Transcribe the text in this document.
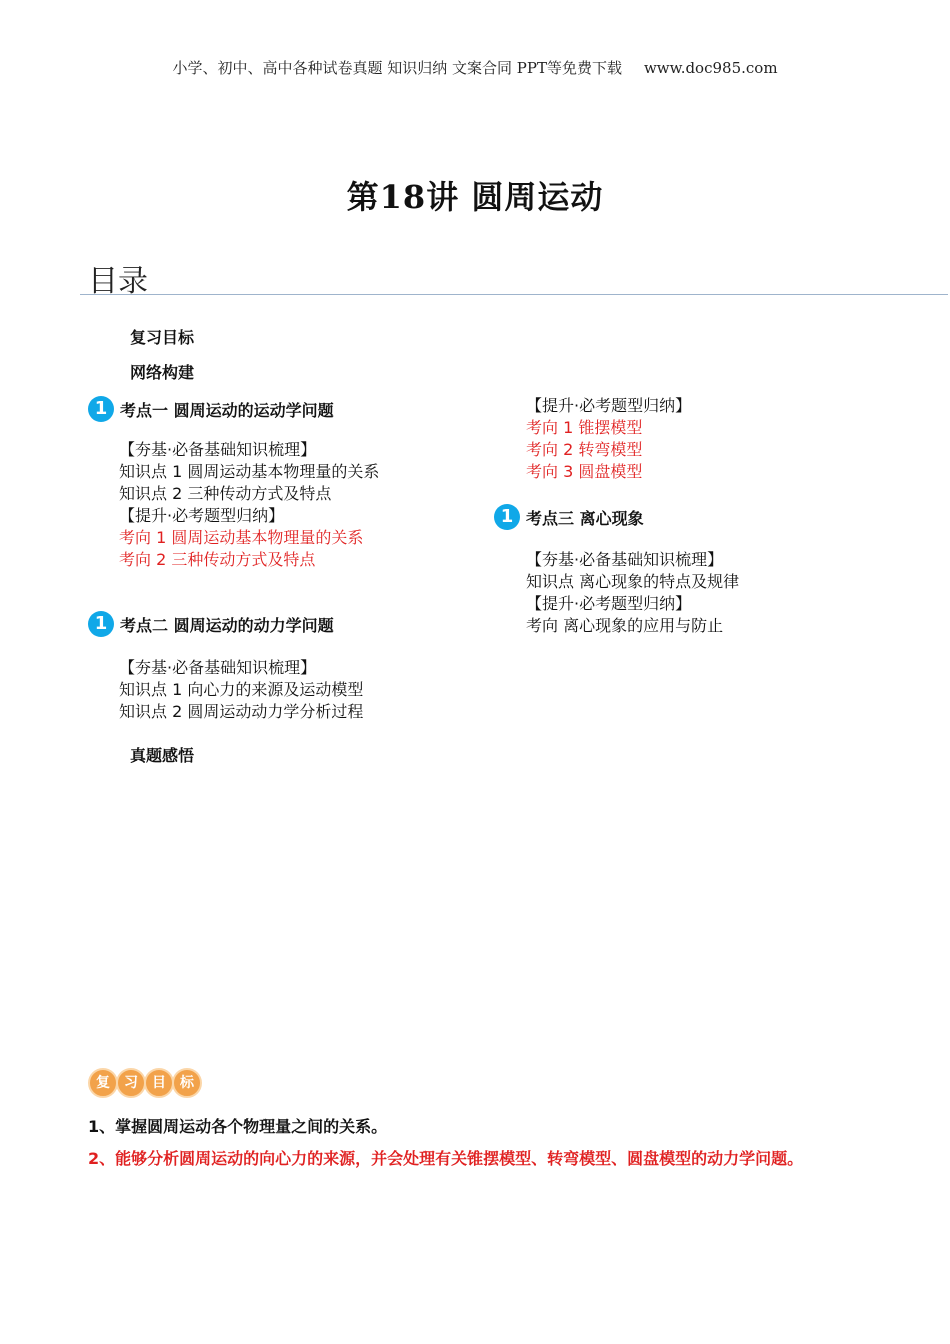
小学、初中、高中各种试卷真题 知识归纳 文案合同 PPT等免费下载 www.doc985.com
第18讲 圆周运动
目录
复习目标
网络构建
1 考点一 圆周运动的运动学问题
【夯基·必备基础知识梳理】
知识点 1 圆周运动基本物理量的关系
知识点 2 三种传动方式及特点
【提升·必考题型归纳】
考向 1 圆周运动基本物理量的关系
考向 2 三种传动方式及特点
1 考点二 圆周运动的动力学问题
【夯基·必备基础知识梳理】
知识点 1 向心力的来源及运动模型
知识点 2 圆周运动动力学分析过程
真题感悟
【提升·必考题型归纳】
考向 1 锥摆模型
考向 2 转弯模型
考向 3 圆盘模型
1 考点三 离心现象
【夯基·必备基础知识梳理】
知识点 离心现象的特点及规律
【提升·必考题型归纳】
考向 离心现象的应用与防止
复	习	目	标
1、掌握圆周运动各个物理量之间的关系。
2、能够分析圆周运动的向心力的来源，并会处理有关锥摆模型、转弯模型、圆盘模型的动力学问题。
